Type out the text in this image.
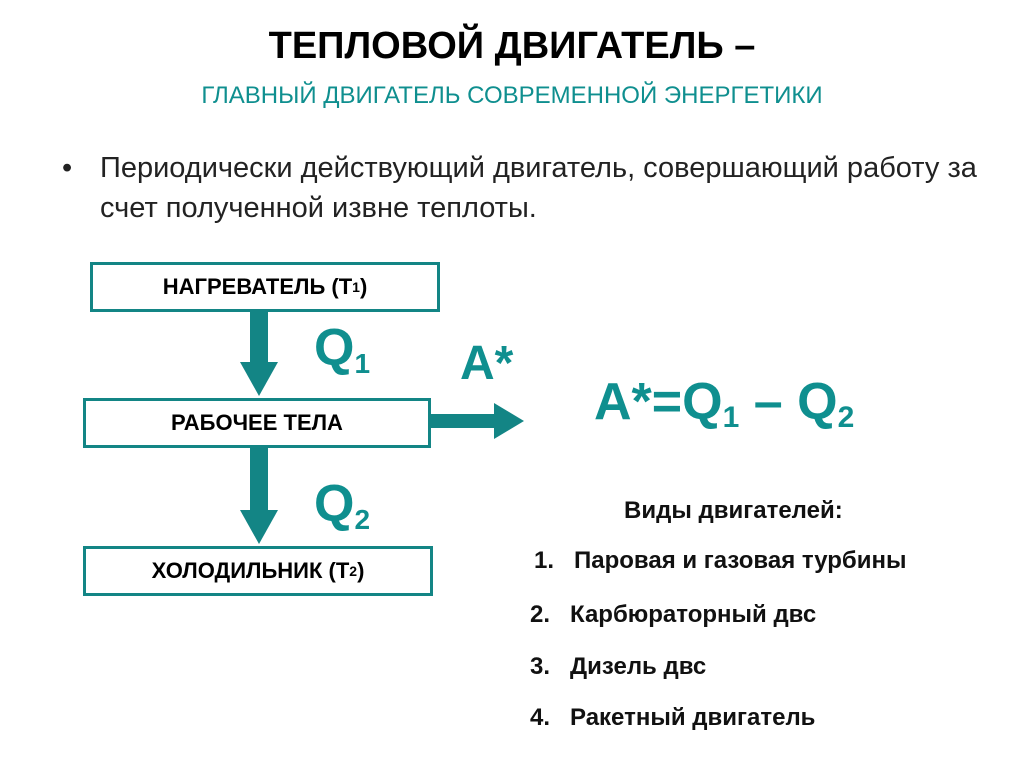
ТЕПЛОВОЙ ДВИГАТЕЛЬ –
ГЛАВНЫЙ ДВИГАТЕЛЬ СОВРЕМЕННОЙ ЭНЕРГЕТИКИ
• Периодически действующий двигатель, совершающий работу за счет полученной извне теплоты.
НАГРЕВАТЕЛЬ (Т 1 )
РАБОЧЕЕ ТЕЛА
ХОЛОДИЛЬНИК (Т 2 )
$Q_1$
$Q_2$
А*
$А*=Q_1 - Q_2$
Виды двигателей:
1. Паровая и газовая турбины
2. Карбюраторный двс
3. Дизель двс
4. Ракетный двигатель
